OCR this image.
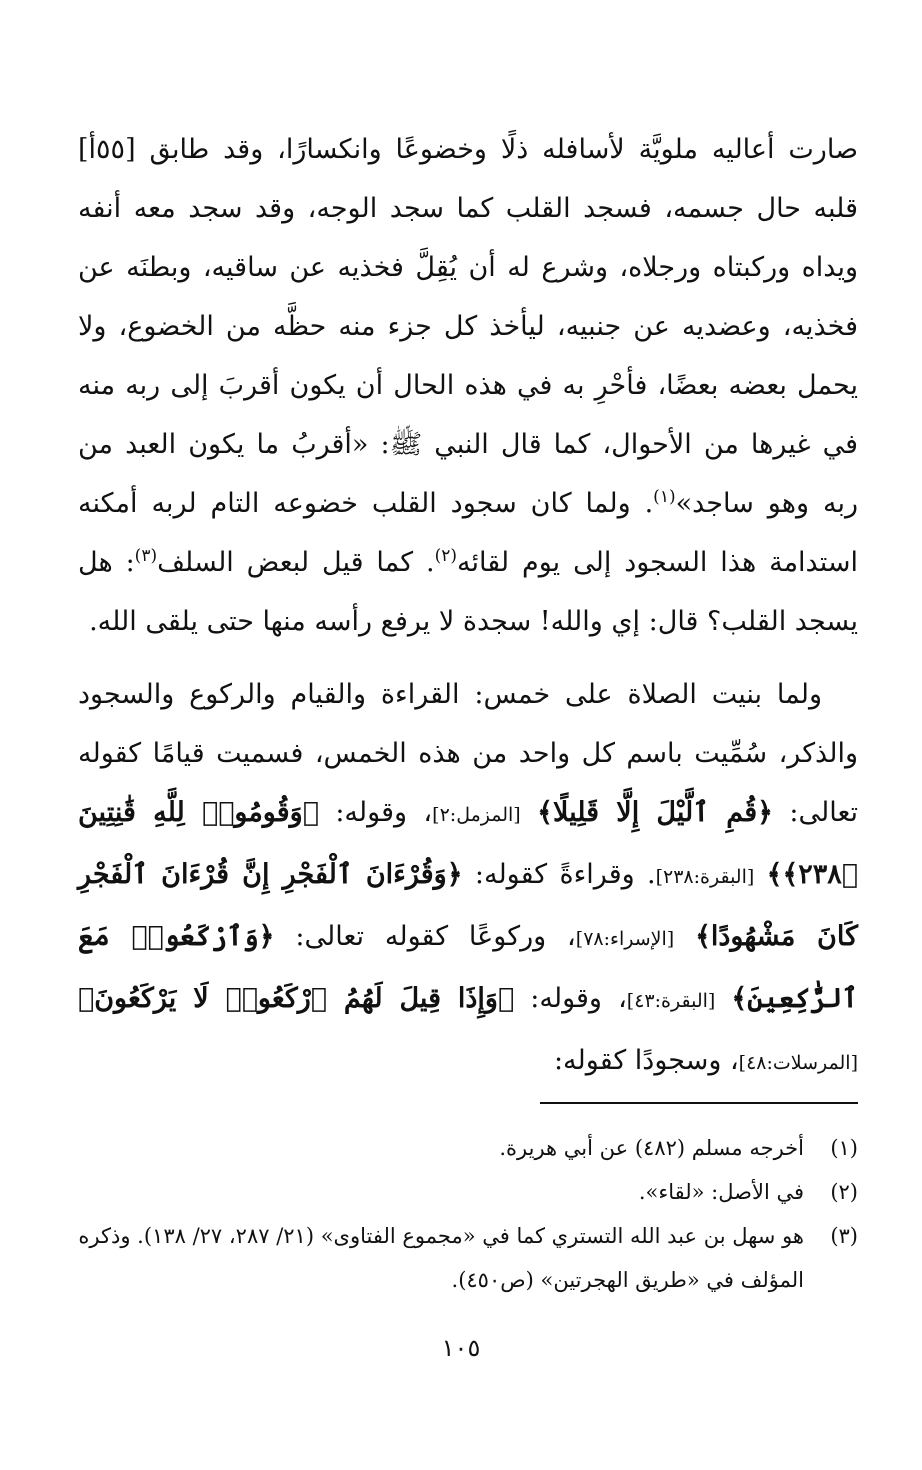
صارت أعاليه ملويَّة لأسافله ذلًا وخضوعًا وانكسارًا، وقد طابق [٥٥أ] قلبه حال جسمه، فسجد القلب كما سجد الوجه، وقد سجد معه أنفه ويداه وركبتاه ورجلاه، وشرع له أن يُقِلَّ فخذيه عن ساقيه، وبطنَه عن فخذيه، وعضديه عن جنبيه، ليأخذ كل جزء منه حظَّه من الخضوع، ولا يحمل بعضه بعضًا، فأحْرِ به في هذه الحال أن يكون أقربَ إلى ربه منه في غيرها من الأحوال، كما قال النبي ﷺ: «أقربُ ما يكون العبد من ربه وهو ساجد»$^{(١)}$. ولما كان سجود القلب خضوعه التام لربه أمكنه استدامة هذا السجود إلى يوم لقائه$^{(٢)}$. كما قيل لبعض السلف$^{(٣)}$: هل يسجد القلب؟ قال: إي والله! سجدة لا يرفع رأسه منها حتى يلقى الله.

ولما بنيت الصلاة على خمس: القراءة والقيام والركوع والسجود والذكر، سُمِّيت باسم كل واحد من هذه الخمس، فسميت قيامًا كقوله تعالى: ﴿قُمِ ٱلَّيْلَ إِلَّا قَلِيلًا﴾ [المزمل:٢]، وقوله: ﴿وَقُومُوا۟ لِلَّهِ قَٰنِتِينَ ﴿٢٣٨﴾﴾ [البقرة:٢٣٨]. وقراءةً كقوله: ﴿وَقُرْءَانَ ٱلْفَجْرِ إِنَّ قُرْءَانَ ٱلْفَجْرِ كَانَ مَشْهُودًا﴾ [الإسراء:٧٨]، وركوعًا كقوله تعالى: ﴿وَٱرْكَعُوا۟ مَعَ ٱلرَّٰكِعِينَ﴾ [البقرة:٤٣]، وقوله: ﴿وَإِذَا قِيلَ لَهُمُ ٱرْكَعُوا۟ لَا يَرْكَعُونَ﴾ [المرسلات:٤٨]، وسجودًا كقوله:

(١)
أخرجه مسلم (٤٨٢) عن أبي هريرة.

(٢)
في الأصل: «لقاء».

(٣)
هو سهل بن عبد الله التستري كما في «مجموع الفتاوى» (٢١/ ٢٨٧، ٢٧/ ١٣٨). وذكره المؤلف في «طريق الهجرتين» (ص٤٥٠).

١٠٥
